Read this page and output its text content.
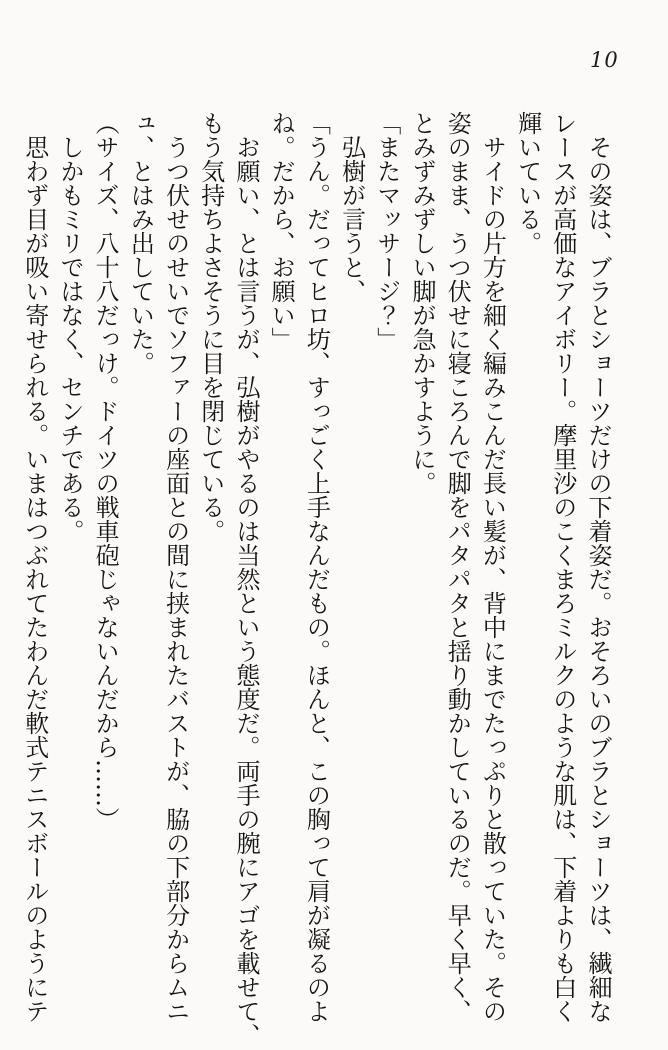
10

その姿は、ブラとショーツだけの下着姿だ。おそろいのブラとショーツは、繊細な

レースが高価なアイボリー。摩里沙のこくまろミルクのような肌は、下着よりも白く

輝いている。

サイドの片方を細く編みこんだ長い髪が、背中にまでたっぷりと散っていた。その

姿のまま、うつ伏せに寝ころんで脚をパタパタと揺り動かしているのだ。早く早く、

とみずみずしい脚が急かすように。

「またマッサージ？」

弘樹が言うと、

「うん。だってヒロ坊、すっごく上手なんだもの。ほんと、この胸って肩が凝るのよ

ね。だから、お願い」

お願い、とは言うが、弘樹がやるのは当然という態度だ。両手の腕にアゴを載せて、

もう気持ちよさそうに目を閉じている。

うつ伏せのせいでソファーの座面との間に挟まれたバストが、脇の下部分からムニ

ュ、とはみ出していた。

（サイズ、八十八だっけ。ドイツの戦車砲じゃないんだから……）

しかもミリではなく、センチである。

思わず目が吸い寄せられる。いまはつぶれてたわんだ軟式テニスボールのようにテ
